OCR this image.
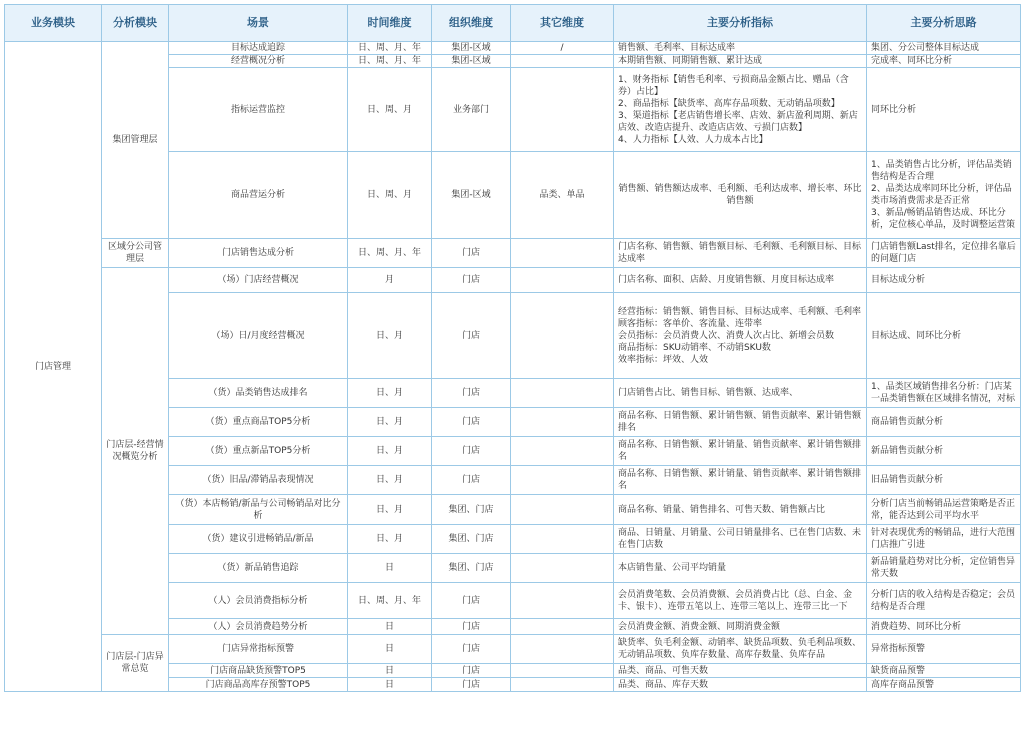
业务模块	分析模块	场景	时间维度	组织维度	其它维度	主要分析指标	主要分析思路
门店管理	集团管理层	目标达成追踪	日、周、月、年	集团-区域	/	销售额、毛利率、目标达成率	集团、分公司整体目标达成
		经营概况分析	日、周、月、年	集团-区域		本期销售额、同期销售额、累计达成	完成率、同环比分析
		指标运营监控	日、周、月	业务部门		1、财务指标【销售毛利率、亏损商品金额占比、赠品（含券）占比】
2、商品指标【缺货率、高库存品项数、无动销品项数】
3、渠道指标【老店销售增长率、店效、新店盈利周期、新店店效、改造店提升、改造店店效、亏损门店数】
4、人力指标【人效、人力成本占比】	同环比分析
		商品营运分析	日、周、月	集团-区域	品类、单品	销售额、销售额达成率、毛利额、毛利达成率、增长率、环比销售额	1、品类销售占比分析，评估品类销售结构是否合理
2、品类达成率同环比分析，评估品类市场消费需求是否正常
3、新品/畅销品销售达成、环比分析，定位核心单品，及时调整运营策
	区域分公司管理层	门店销售达成分析	日、周、月、年	门店		门店名称、销售额、销售额目标、毛利额、毛利额目标、目标达成率	门店销售额Last排名，定位排名靠后的问题门店
	门店层-经营情况概览分析	（场）门店经营概况	月	门店		门店名称、面积、店龄、月度销售额、月度目标达成率	目标达成分析
		（场）日/月度经营概况	日、月	门店		经营指标：销售额、销售目标、目标达成率、毛利额、毛利率
顾客指标：客单价、客流量、连带率
会员指标：会员消费人次、消费人次占比、新增会员数
商品指标：SKU动销率、不动销SKU数
效率指标：坪效、人效	目标达成、同环比分析
		（货）品类销售达成排名	日、月	门店		门店销售占比、销售目标、销售额、达成率、	1、品类区域销售排名分析：门店某一品类销售额在区域排名情况，对标
		（货）重点商品TOP5分析	日、月	门店		商品名称、日销售额、累计销售额、销售贡献率、累计销售额排名	商品销售贡献分析
		（货）重点新品TOP5分析	日、月	门店		商品名称、日销售额、累计销量、销售贡献率、累计销售额排名	新品销售贡献分析
		（货）旧品/滞销品表现情况	日、月	门店		商品名称、日销售额、累计销量、销售贡献率、累计销售额排名	旧品销售贡献分析
		（货）本店畅销/新品与公司畅销品对比分析	日、月	集团、门店		商品名称、销量、销售排名、可售天数、销售额占比	分析门店当前畅销品运营策略是否正常，能否达到公司平均水平
		（货）建议引进畅销品/新品	日、月	集团、门店		商品、日销量、月销量、公司日销量排名、已在售门店数、未在售门店数	针对表现优秀的畅销品，进行大范围门店推广引进
		（货）新品销售追踪	日	集团、门店		本店销售量、公司平均销量	新品销量趋势对比分析，定位销售异常天数
		（人）会员消费指标分析	日、周、月、年	门店		会员消费笔数、会员消费额、会员消费占比（总、白金、金卡、银卡）、连带五笔以上、连带三笔以上、连带三比一下	分析门店的收入结构是否稳定；会员结构是否合理
		（人）会员消费趋势分析	日	门店		会员消费金额、消费金额、同期消费金额	消费趋势、同环比分析
	门店层-门店异常总览	门店异常指标预警	日	门店		缺货率、负毛利金额、动销率、缺货品项数、负毛利品项数、无动销品项数、负库存数量、高库存数量、负库存品	异常指标预警
		门店商品缺货预警TOP5	日	门店		品类、商品、可售天数	缺货商品预警
		门店商品高库存预警TOP5	日	门店		品类、商品、库存天数	高库存商品预警
